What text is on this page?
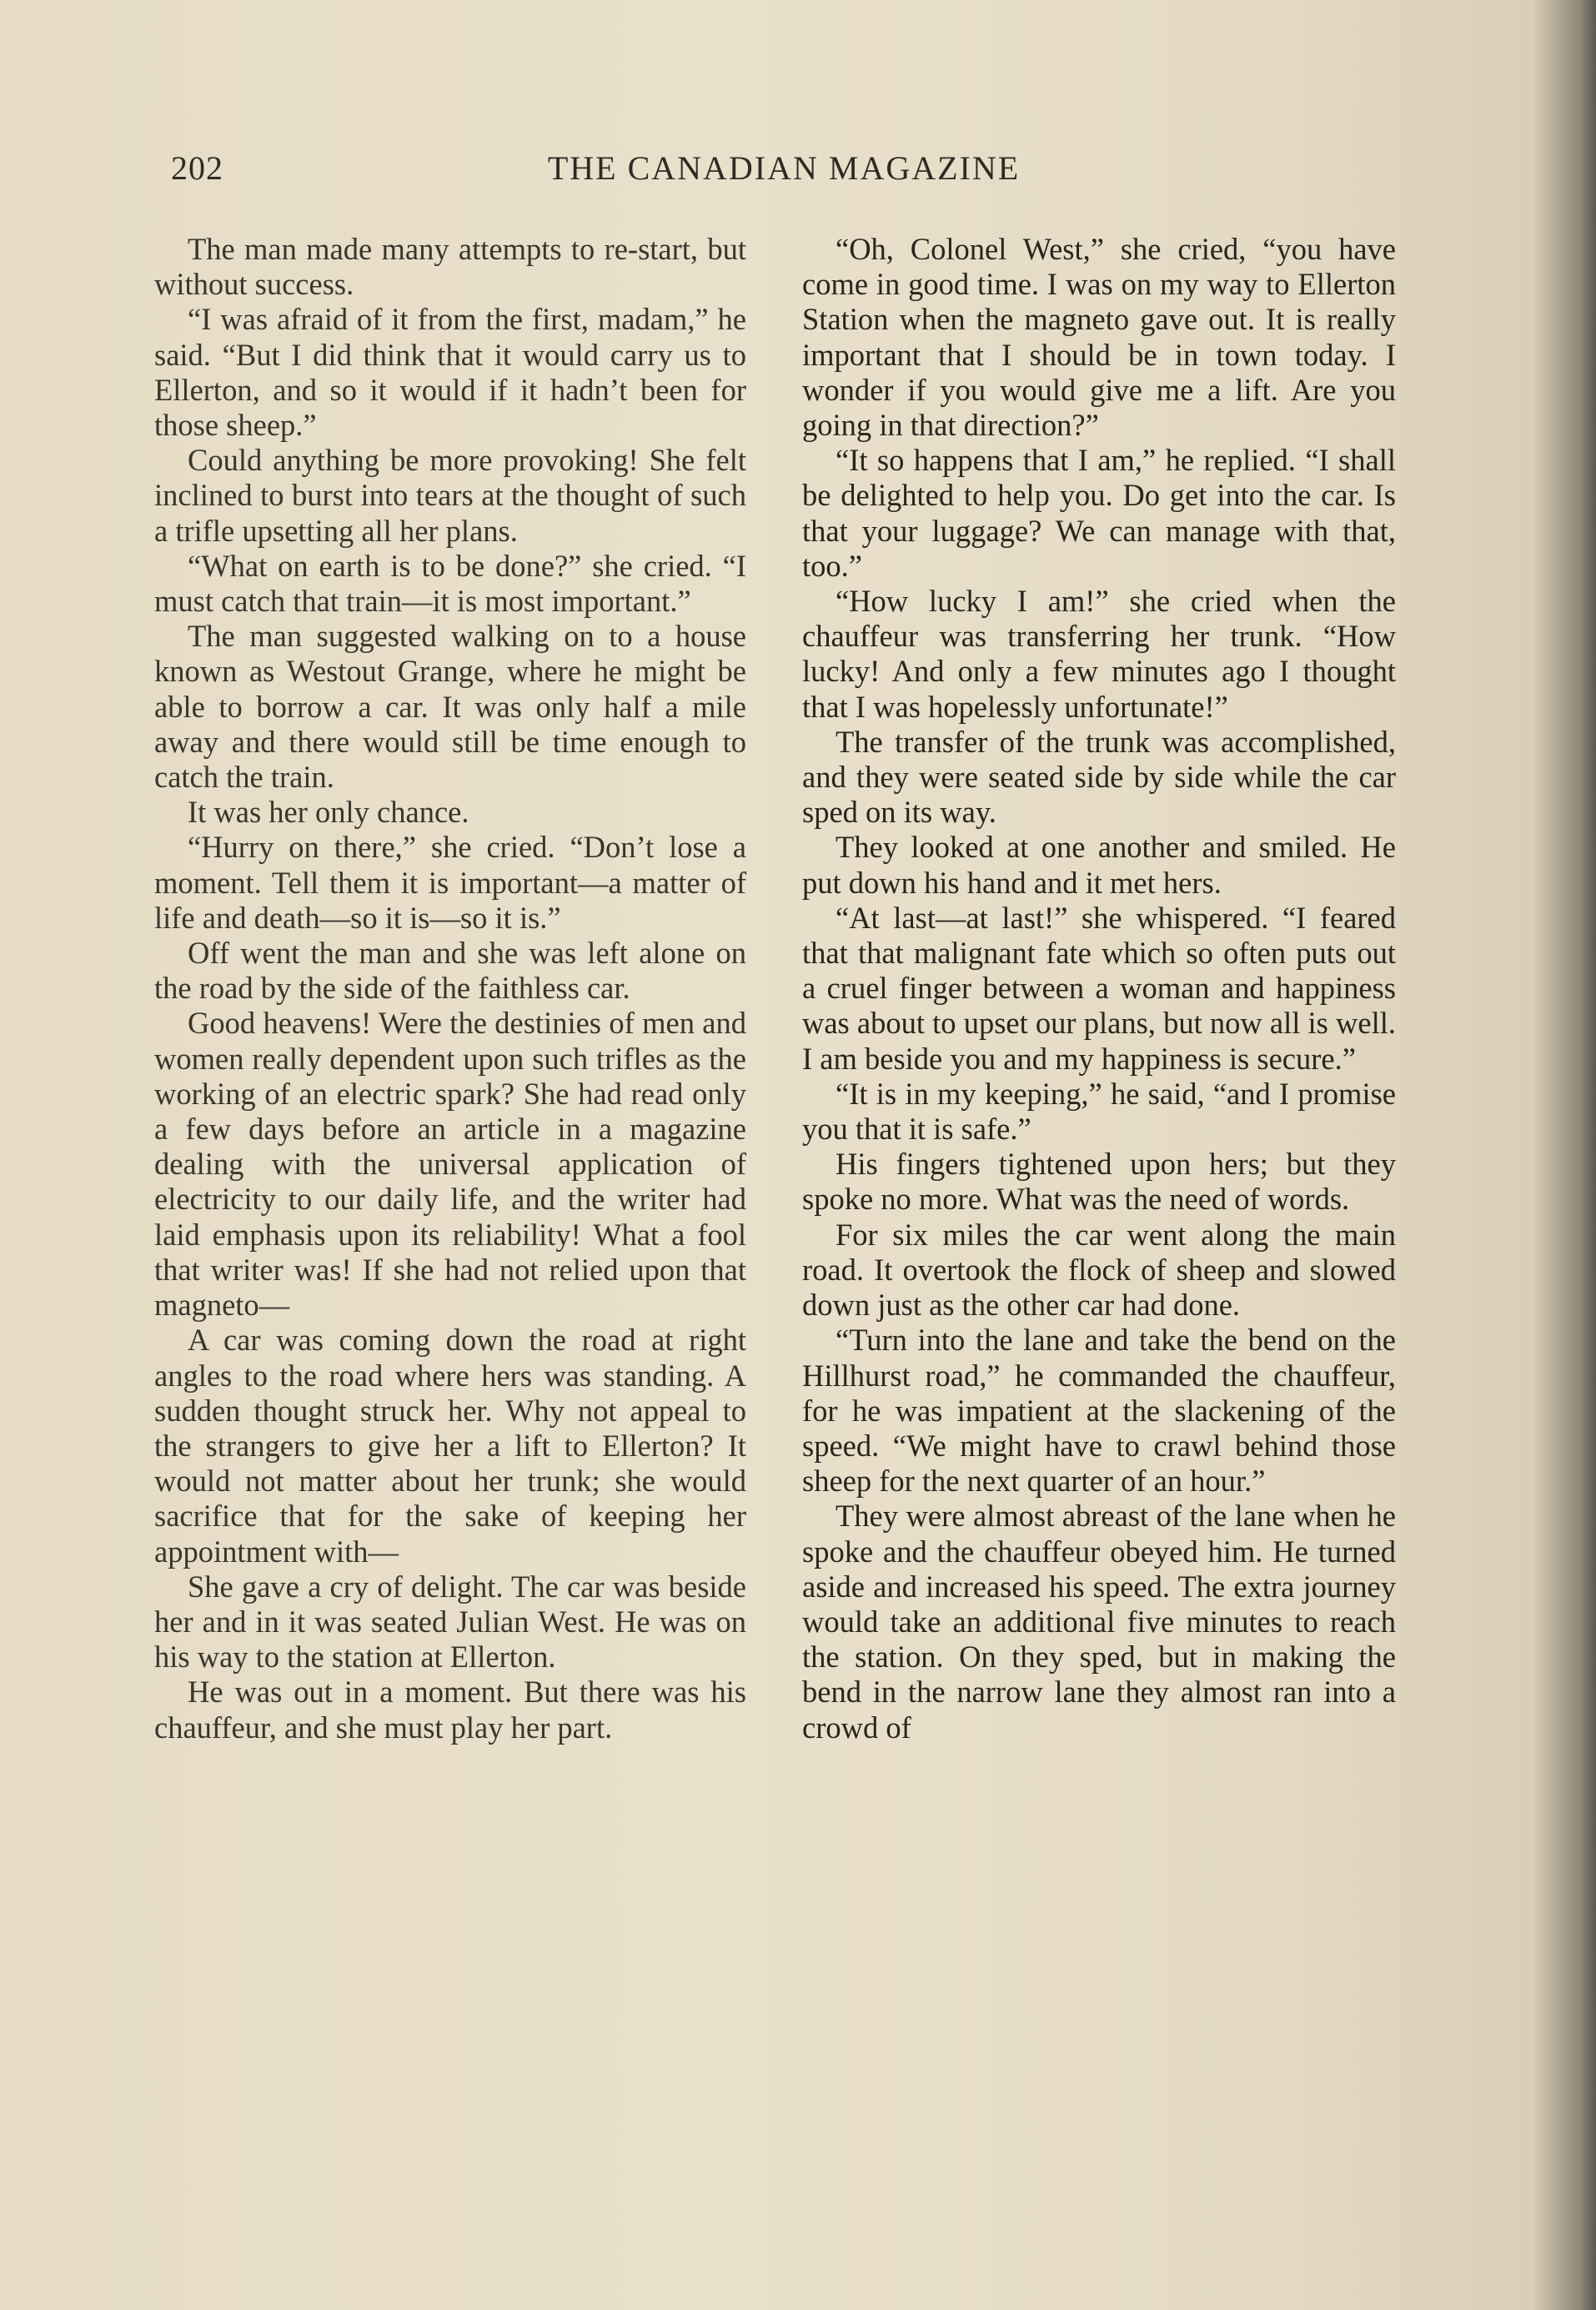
202	THE CANADIAN MAGAZINE

The man made many attempts to re-start, but without success.

“I was afraid of it from the first, madam,” he said. “But I did think that it would carry us to Ellerton, and so it would if it hadn’t been for those sheep.”

Could anything be more provoking! She felt inclined to burst into tears at the thought of such a trifle upsetting all her plans.

“What on earth is to be done?” she cried. “I must catch that train—it is most important.”

The man suggested walking on to a house known as Westout Grange, where he might be able to borrow a car. It was only half a mile away and there would still be time enough to catch the train.

It was her only chance.

“Hurry on there,” she cried. “Don’t lose a moment. Tell them it is important—a matter of life and death—so it is—so it is.”

Off went the man and she was left alone on the road by the side of the faithless car.

Good heavens! Were the destinies of men and women really dependent upon such trifles as the working of an electric spark? She had read only a few days before an article in a magazine dealing with the universal application of electricity to our daily life, and the writer had laid emphasis upon its reliability! What a fool that writer was! If she had not relied upon that magneto—

A car was coming down the road at right angles to the road where hers was standing. A sudden thought struck her. Why not appeal to the strangers to give her a lift to Ellerton? It would not matter about her trunk; she would sacrifice that for the sake of keeping her appointment with—

She gave a cry of delight. The car was beside her and in it was seated Julian West. He was on his way to the station at Ellerton.

He was out in a moment. But there was his chauffeur, and she must play her part.

“Oh, Colonel West,” she cried, “you have come in good time. I was on my way to Ellerton Station when the magneto gave out. It is really important that I should be in town today. I wonder if you would give me a lift. Are you going in that direction?”

“It so happens that I am,” he replied. “I shall be delighted to help you. Do get into the car. Is that your luggage? We can manage with that, too.”

“How lucky I am!” she cried when the chauffeur was transferring her trunk. “How lucky! And only a few minutes ago I thought that I was hopelessly unfortunate!”

The transfer of the trunk was accomplished, and they were seated side by side while the car sped on its way.

They looked at one another and smiled. He put down his hand and it met hers.

“At last—at last!” she whispered. “I feared that that malignant fate which so often puts out a cruel finger between a woman and happiness was about to upset our plans, but now all is well. I am beside you and my happiness is secure.”

“It is in my keeping,” he said, “and I promise you that it is safe.”

His fingers tightened upon hers; but they spoke no more. What was the need of words.

For six miles the car went along the main road. It overtook the flock of sheep and slowed down just as the other car had done.

“Turn into the lane and take the bend on the Hillhurst road,” he commanded the chauffeur, for he was impatient at the slackening of the speed. “We might have to crawl behind those sheep for the next quarter of an hour.”

They were almost abreast of the lane when he spoke and the chauffeur obeyed him. He turned aside and increased his speed. The extra journey would take an additional five minutes to reach the station. On they sped, but in making the bend in the narrow lane they almost ran into a crowd of
